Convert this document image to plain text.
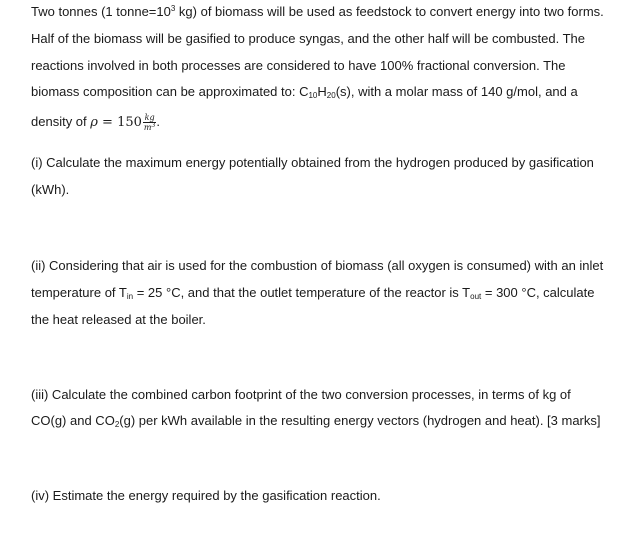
Two tonnes (1 $tonne=10^3$ kg) of biomass will be used as feedstock to convert energy into two forms.
Half of the biomass will be gasified to produce syngas, and the other half will be combusted. The
reactions involved in both processes are considered to have 100% fractional conversion. The
biomass composition can be approximated to: $C_{10}H_{20}(s)$, with a molar mass of 140 g/mol, and a
density of $\rho = 150 \frac{kg}{m^3}$ .
(i) Calculate the maximum energy potentially obtained from the hydrogen produced by gasification
(kWh).
(ii) Considering that air is used for the combustion of biomass (all oxygen is consumed) with an inlet
temperature of $T_{in} = 25$ °C, and that the outlet temperature of the reactor is $T_{out} = 300$ °C, calculate
the heat released at the boiler.
(iii) Calculate the combined carbon footprint of the two conversion processes, in terms of kg of
CO(g) and $CO_2(g)$ per kWh available in the resulting energy vectors (hydrogen and heat). [3 marks]
(iv) Estimate the energy required by the gasification reaction.
